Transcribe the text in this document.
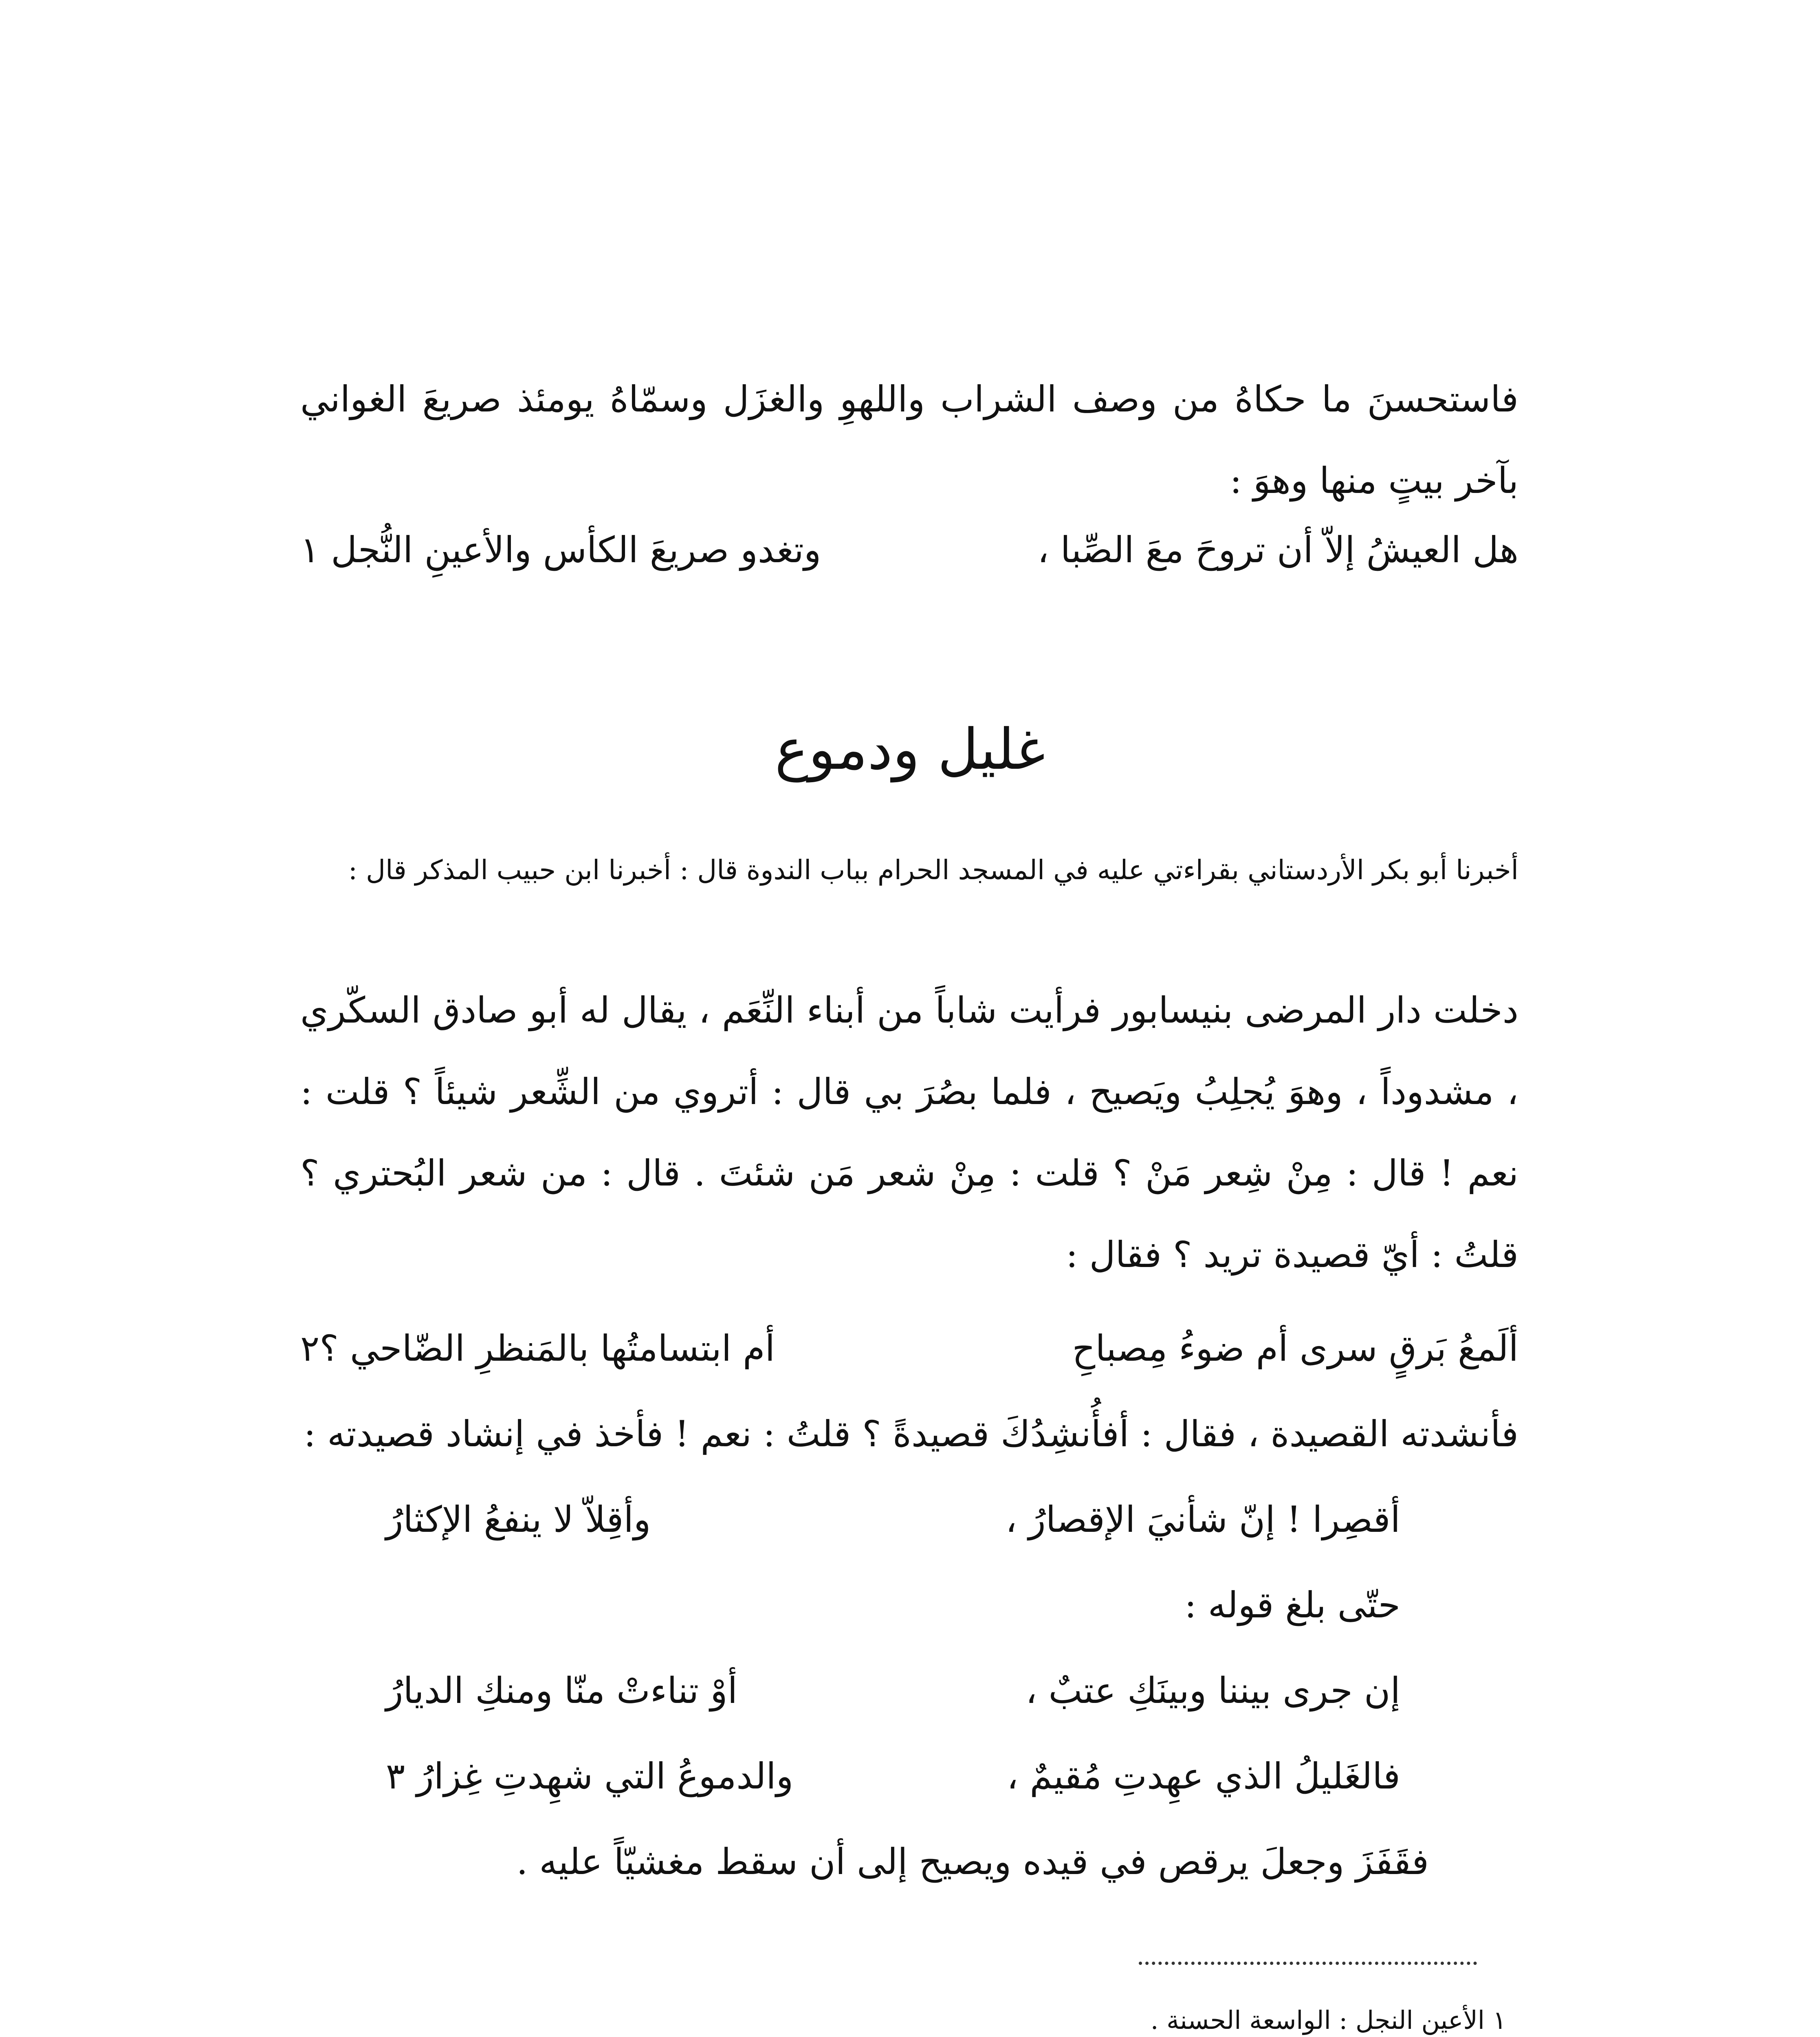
فاستحسنَ ما حكاهُ من وصف الشراب واللهوِ والغزَل وسمّاهُ يومئذ صريعَ الغواني بآخر بيتٍ منها وهوَ :

هل العيشُ إلاّ أن تروحَ معَ الصِّبا ،
وتغدو صريعَ الكأس والأعينِ النُّجل ١
غليل ودموع

أخبرنا أبو بكر الأردستاني بقراءتي عليه في المسجد الحرام بباب الندوة قال : أخبرنا ابن حبيب المذكر قال :

دخلت دار المرضى بنيسابور فرأيت شاباً من أبناء النِّعَم ، يقال له أبو صادق السكّري ، مشدوداً ، وهوَ يُجلِبُ ويَصيح ، فلما بصُرَ بي قال : أتروي من الشِّعر شيئاً ؟ قلت : نعم ! قال : مِنْ شِعر مَنْ ؟ قلت : مِنْ شعر مَن شئتَ . قال : من شعر البُحتري ؟ قلتُ : أيّ قصيدة تريد ؟ فقال :

ألَمعُ بَرقٍ سرى أم ضوءُ مِصباحِ
أم ابتسامتُها بالمَنظرِ الضّاحي ؟٢
فأنشدته القصيدة ، فقال : أفأُنشِدُكَ قصيدةً ؟ قلتُ : نعم ! فأخذ في إنشاد قصيدته :
أقصِرا ! إنّ شأنيَ الإقصارُ ،
وأقِلاّ لا ينفعُ الإكثارُ
حتّى بلغ قوله :
إن جرى بيننا وبينَكِ عتبٌ ،
أوْ تناءتْ منّا ومنكِ الديارُ
فالغَليلُ الذي عهِدتِ مُقيمٌ ،
والدموعُ التي شهِدتِ غِزارُ ٣
فقَفَزَ وجعلَ يرقص في قيده ويصيح إلى أن سقط مغشيّاً عليه .
١ الأعين النجل : الواسعة الحسنة .
